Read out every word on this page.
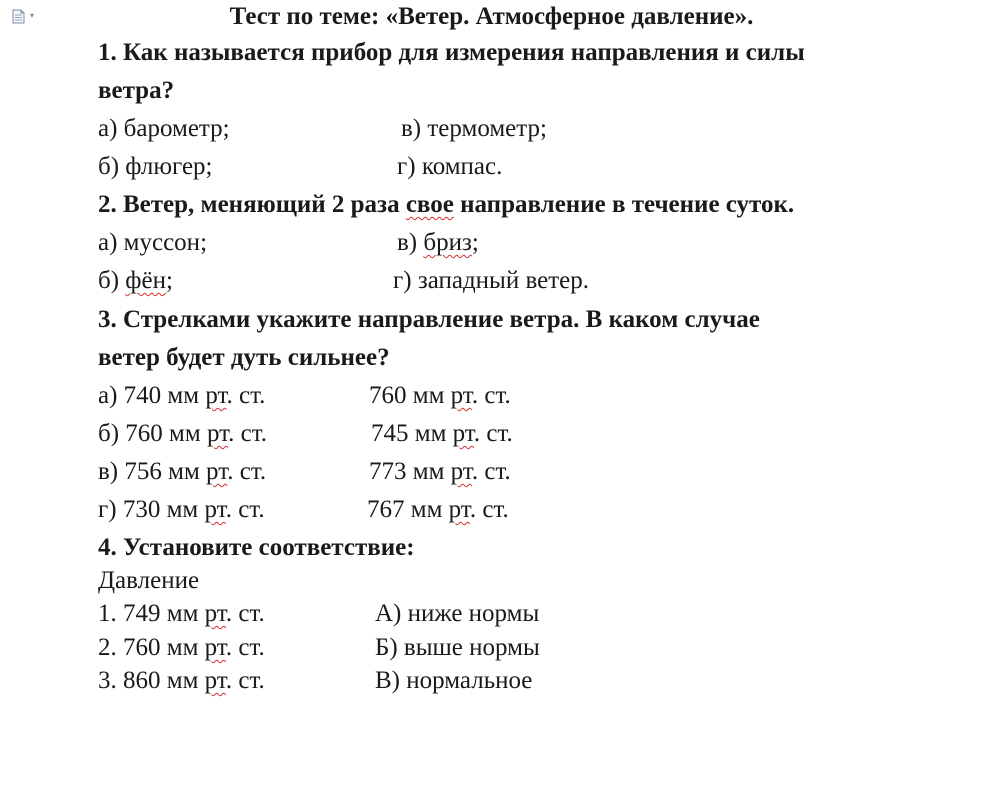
▾	Тест по теме: «Ветер. Атмосферное давление».
1. Как называется прибор для измерения направления и силы
ветра?
а) барометр;	в) термометр;
б) флюгер;	г) компас.
2. Ветер, меняющий 2 раза свое направление в течение суток.
а) муссон;	в) бриз;
б) фён;	г) западный ветер.
3. Стрелками укажите направление ветра. В каком случае
ветер будет дуть сильнее?
а) 740 мм рт. ст.	760 мм рт. ст.
б) 760 мм рт. ст.	745 мм рт. ст.
в) 756 мм рт. ст.	773 мм рт. ст.
г) 730 мм рт. ст.	767 мм рт. ст.
4. Установите соответствие:
Давление
1. 749 мм рт. ст.	А) ниже нормы
2. 760 мм рт. ст.	Б) выше нормы
3. 860 мм рт. ст.	В) нормальное
